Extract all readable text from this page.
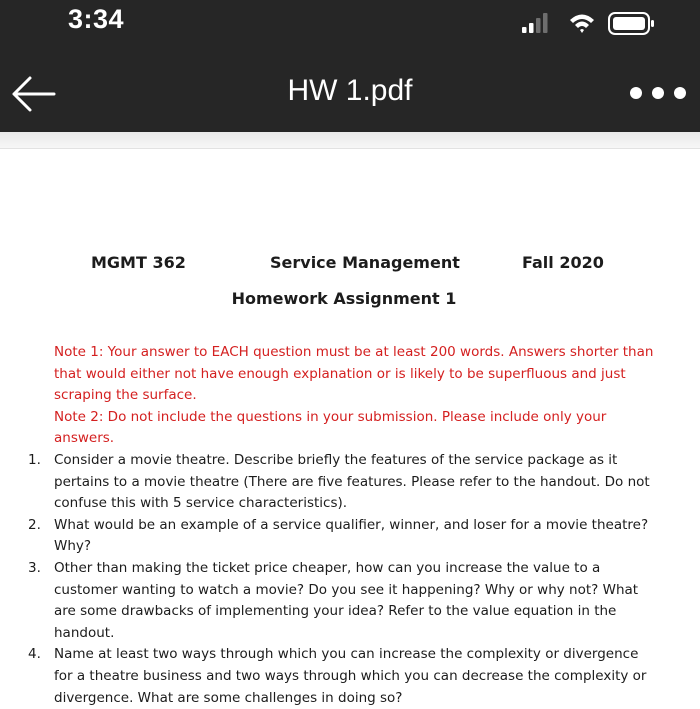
3:34
HW 1.pdf
MGMT 362	Service Management	Fall 2020
Homework Assignment 1

Note 1: Your answer to EACH question must be at least 200 words. Answers shorter than that would either not have enough explanation or is likely to be superfluous and just scraping the surface.

Note 2: Do not include the questions in your submission. Please include only your answers.

1. Consider a movie theatre. Describe briefly the features of the service package as it pertains to a movie theatre (There are five features. Please refer to the handout. Do not confuse this with 5 service characteristics).
2. What would be an example of a service qualifier, winner, and loser for a movie theatre? Why?
3. Other than making the ticket price cheaper, how can you increase the value to a customer wanting to watch a movie? Do you see it happening? Why or why not? What are some drawbacks of implementing your idea? Refer to the value equation in the handout.
4. Name at least two ways through which you can increase the complexity or divergence for a theatre business and two ways through which you can decrease the complexity or divergence. What are some challenges in doing so?
